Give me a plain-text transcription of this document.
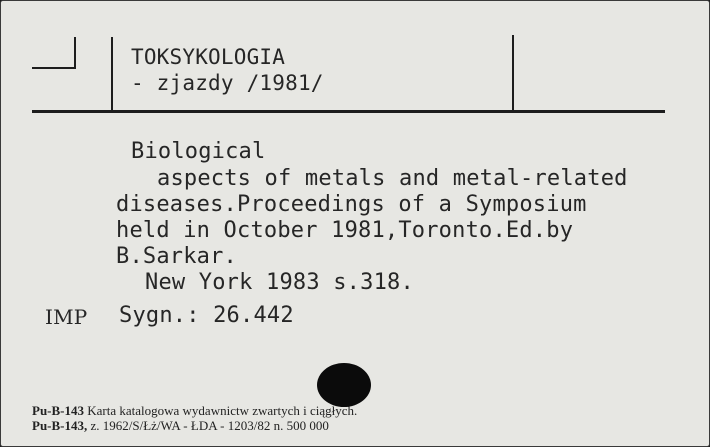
TOKSYKOLOGIA
- zjazdy /1981/
Biological
aspects of metals and metal-related
diseases.Proceedings of a Symposium
held in October 1981,Toronto.Ed.by
B.Sarkar.
New York 1983 s.318.
IMP Sygn.: 26.442
Pu-B-143 Karta katalogowa wydawnictw zwartych i ciągłych.
Pu-B-143, z. 1962/S/Łż/WA - ŁDA - 1203/82 n. 500 000
